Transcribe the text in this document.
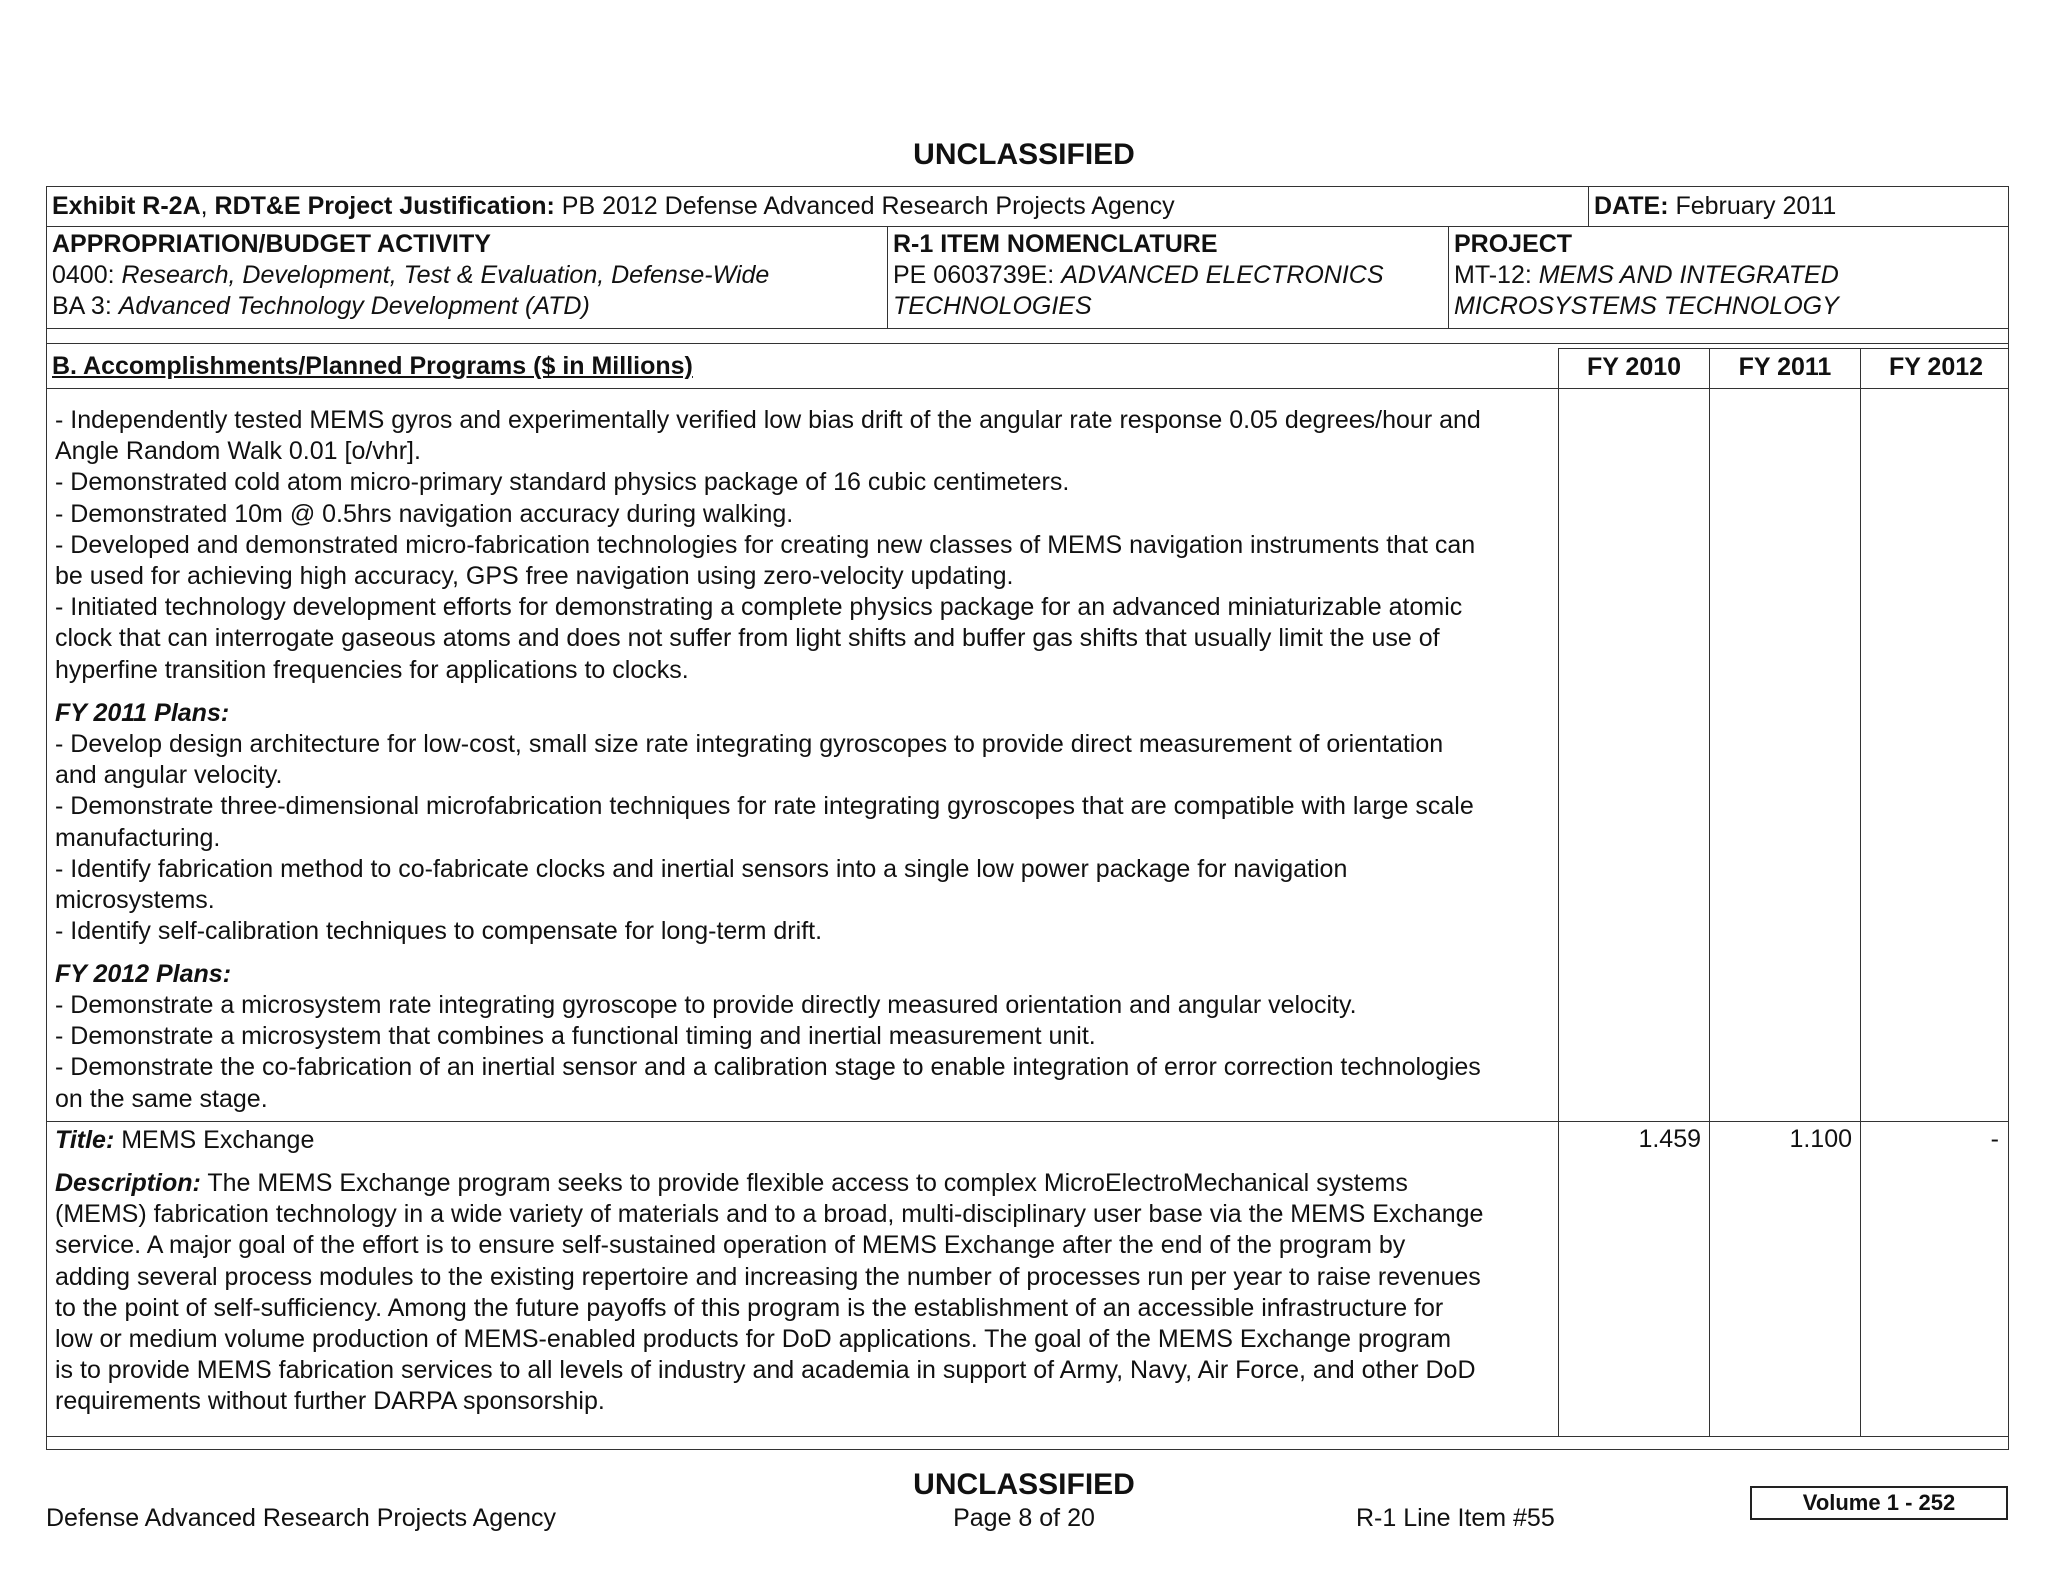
UNCLASSIFIED
Exhibit R-2A, RDT&E Project Justification: PB 2012 Defense Advanced Research Projects Agency	DATE: February 2011
APPROPRIATION/BUDGET ACTIVITY
0400: Research, Development, Test & Evaluation, Defense-Wide
BA 3: Advanced Technology Development (ATD)
R-1 ITEM NOMENCLATURE
PE 0603739E: ADVANCED ELECTRONICS
TECHNOLOGIES
PROJECT
MT-12: MEMS AND INTEGRATED
MICROSYSTEMS TECHNOLOGY
B. Accomplishments/Planned Programs ($ in Millions)	FY 2010	FY 2011	FY 2012
- Independently tested MEMS gyros and experimentally verified low bias drift of the angular rate response 0.05 degrees/hour and
Angle Random Walk 0.01 [o/vhr].
- Demonstrated cold atom micro-primary standard physics package of 16 cubic centimeters.
- Demonstrated 10m @ 0.5hrs navigation accuracy during walking.
- Developed and demonstrated micro-fabrication technologies for creating new classes of MEMS navigation instruments that can
be used for achieving high accuracy, GPS free navigation using zero-velocity updating.
- Initiated technology development efforts for demonstrating a complete physics package for an advanced miniaturizable atomic
clock that can interrogate gaseous atoms and does not suffer from light shifts and buffer gas shifts that usually limit the use of
hyperfine transition frequencies for applications to clocks.
FY 2011 Plans:
- Develop design architecture for low-cost, small size rate integrating gyroscopes to provide direct measurement of orientation
and angular velocity.
- Demonstrate three-dimensional microfabrication techniques for rate integrating gyroscopes that are compatible with large scale
manufacturing.
- Identify fabrication method to co-fabricate clocks and inertial sensors into a single low power package for navigation
microsystems.
- Identify self-calibration techniques to compensate for long-term drift.
FY 2012 Plans:
- Demonstrate a microsystem rate integrating gyroscope to provide directly measured orientation and angular velocity.
- Demonstrate a microsystem that combines a functional timing and inertial measurement unit.
- Demonstrate the co-fabrication of an inertial sensor and a calibration stage to enable integration of error correction technologies
on the same stage.
Title: MEMS Exchange	1.459	1.100	-
Description: The MEMS Exchange program seeks to provide flexible access to complex MicroElectroMechanical systems
(MEMS) fabrication technology in a wide variety of materials and to a broad, multi-disciplinary user base via the MEMS Exchange
service. A major goal of the effort is to ensure self-sustained operation of MEMS Exchange after the end of the program by
adding several process modules to the existing repertoire and increasing the number of processes run per year to raise revenues
to the point of self-sufficiency. Among the future payoffs of this program is the establishment of an accessible infrastructure for
low or medium volume production of MEMS-enabled products for DoD applications. The goal of the MEMS Exchange program
is to provide MEMS fabrication services to all levels of industry and academia in support of Army, Navy, Air Force, and other DoD
requirements without further DARPA sponsorship.
UNCLASSIFIED
Defense Advanced Research Projects Agency	Page 8 of 20	R-1 Line Item #55
Volume 1 - 252
